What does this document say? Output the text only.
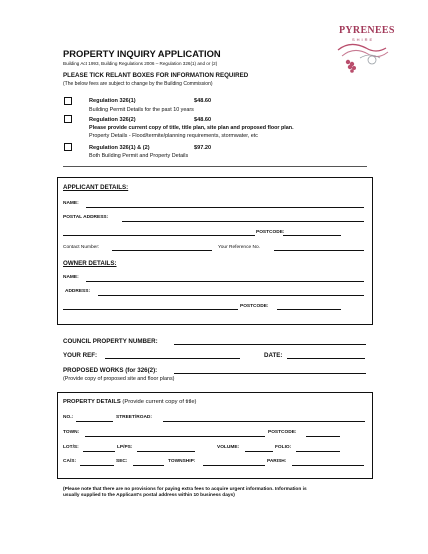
PYRENEES
SHIRE
PROPERTY INQUIRY APPLICATION
Building Act 1993, Building Regulations 2006 – Regulation 326(1) and or (2)
PLEASE TICK RELANT BOXES FOR INFORMATION REQUIRED
(The below fees are subject to change by the Building Commission)
Regulation 326(1)	$48.60
Building Permit Details for the past 10 years
Regulation 326(2)	$48.60
Please provide current copy of title, title plan, site plan and proposed floor plan.
Property Details - Flood/termite/planning requirements, stormwater, etc
Regulation 326(1) & (2)	$97.20
Both Building Permit and Property Details
APPLICANT DETAILS:
NAME:
POSTAL ADDRESS:
POSTCODE:
Contact Number:	Your Reference No.
OWNER DETAILS:
NAME:
ADDRESS:
POSTCODE:
COUNCIL PROPERTY NUMBER:
YOUR REF:	DATE:
PROPOSED WORKS (for 326(2):
(Provide copy of proposed site and floor plans)
PROPERTY DETAILS (Provide current copy of title)
NO.:	STREET/ROAD:
TOWN:	POSTCODE:
LOT/S:	LP/PS:	VOLUME:	FOLIO:
CA/S:	SEC:	TOWNSHIP:	PARISH:
(Please note that there are no provisions for paying extra fees to acquire urgent information. Information is
usually supplied to the Applicant's postal address within 10 business days)
